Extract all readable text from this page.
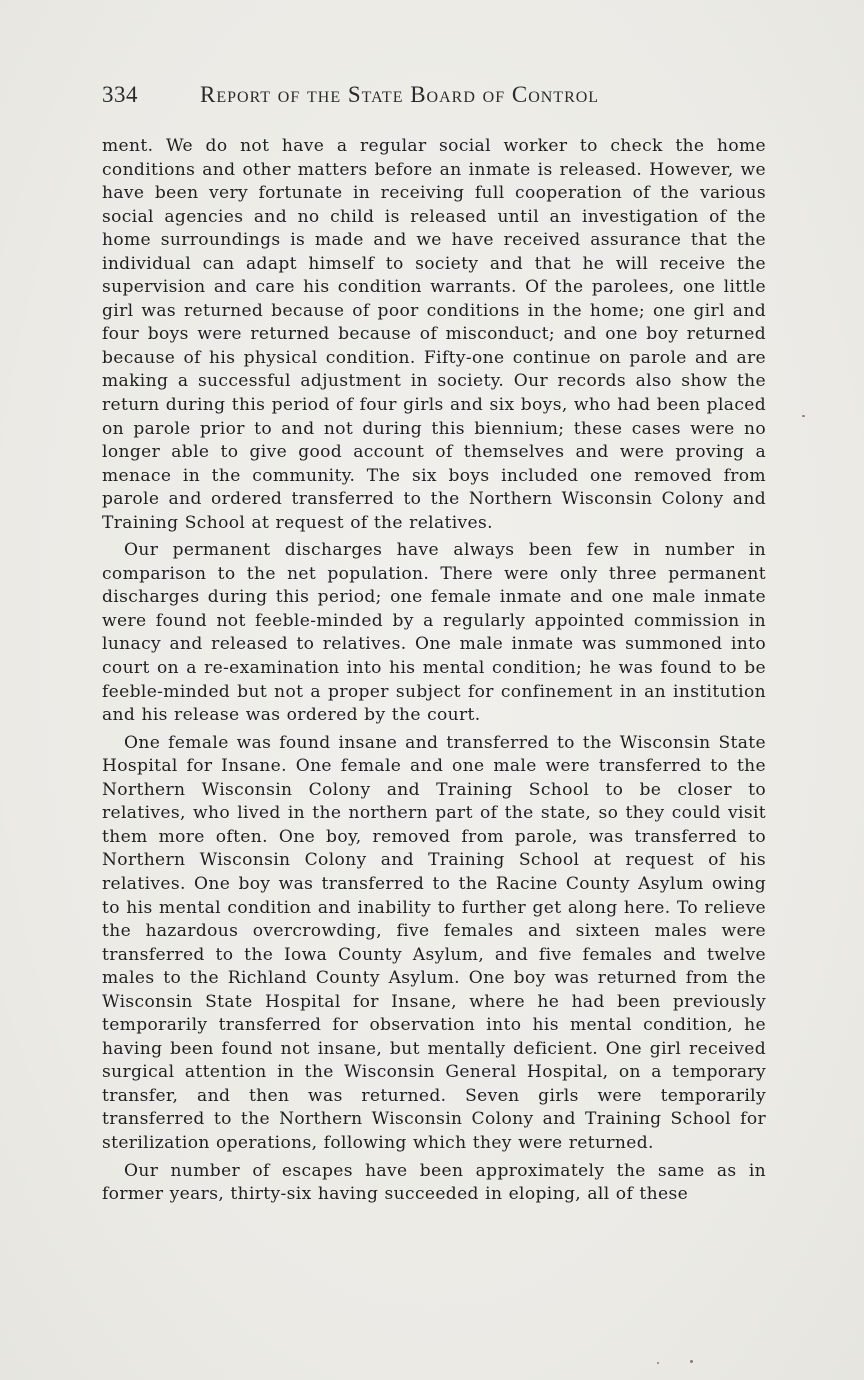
334	Report of the State Board of Control

ment. We do not have a regular social worker to check the home conditions and other matters before an inmate is released. However, we have been very fortunate in receiving full cooperation of the various social agencies and no child is released until an investigation of the home surroundings is made and we have received assurance that the individual can adapt himself to society and that he will receive the supervision and care his condition warrants. Of the parolees, one little girl was returned because of poor conditions in the home; one girl and four boys were returned because of misconduct; and one boy returned because of his physical condition. Fifty-one continue on parole and are making a successful adjustment in society. Our records also show the return during this period of four girls and six boys, who had been placed on parole prior to and not during this biennium; these cases were no longer able to give good account of themselves and were proving a menace in the community. The six boys included one removed from parole and ordered transferred to the Northern Wisconsin Colony and Training School at request of the relatives.

Our permanent discharges have always been few in number in comparison to the net population. There were only three permanent discharges during this period; one female inmate and one male inmate were found not feeble-minded by a regularly appointed commission in lunacy and released to relatives. One male inmate was summoned into court on a re-examination into his mental condition; he was found to be feeble-minded but not a proper subject for confinement in an institution and his release was ordered by the court.

One female was found insane and transferred to the Wisconsin State Hospital for Insane. One female and one male were transferred to the Northern Wisconsin Colony and Training School to be closer to relatives, who lived in the northern part of the state, so they could visit them more often. One boy, removed from parole, was transferred to Northern Wisconsin Colony and Training School at request of his relatives. One boy was transferred to the Racine County Asylum owing to his mental condition and inability to further get along here. To relieve the hazardous overcrowding, five females and sixteen males were transferred to the Iowa County Asylum, and five females and twelve males to the Richland County Asylum. One boy was returned from the Wisconsin State Hospital for Insane, where he had been previously temporarily transferred for observation into his mental condition, he having been found not insane, but mentally deficient. One girl received surgical attention in the Wisconsin General Hospital, on a temporary transfer, and then was returned. Seven girls were temporarily transferred to the Northern Wisconsin Colony and Training School for sterilization operations, following which they were returned.

Our number of escapes have been approximately the same as in former years, thirty-six having succeeded in eloping, all of these
